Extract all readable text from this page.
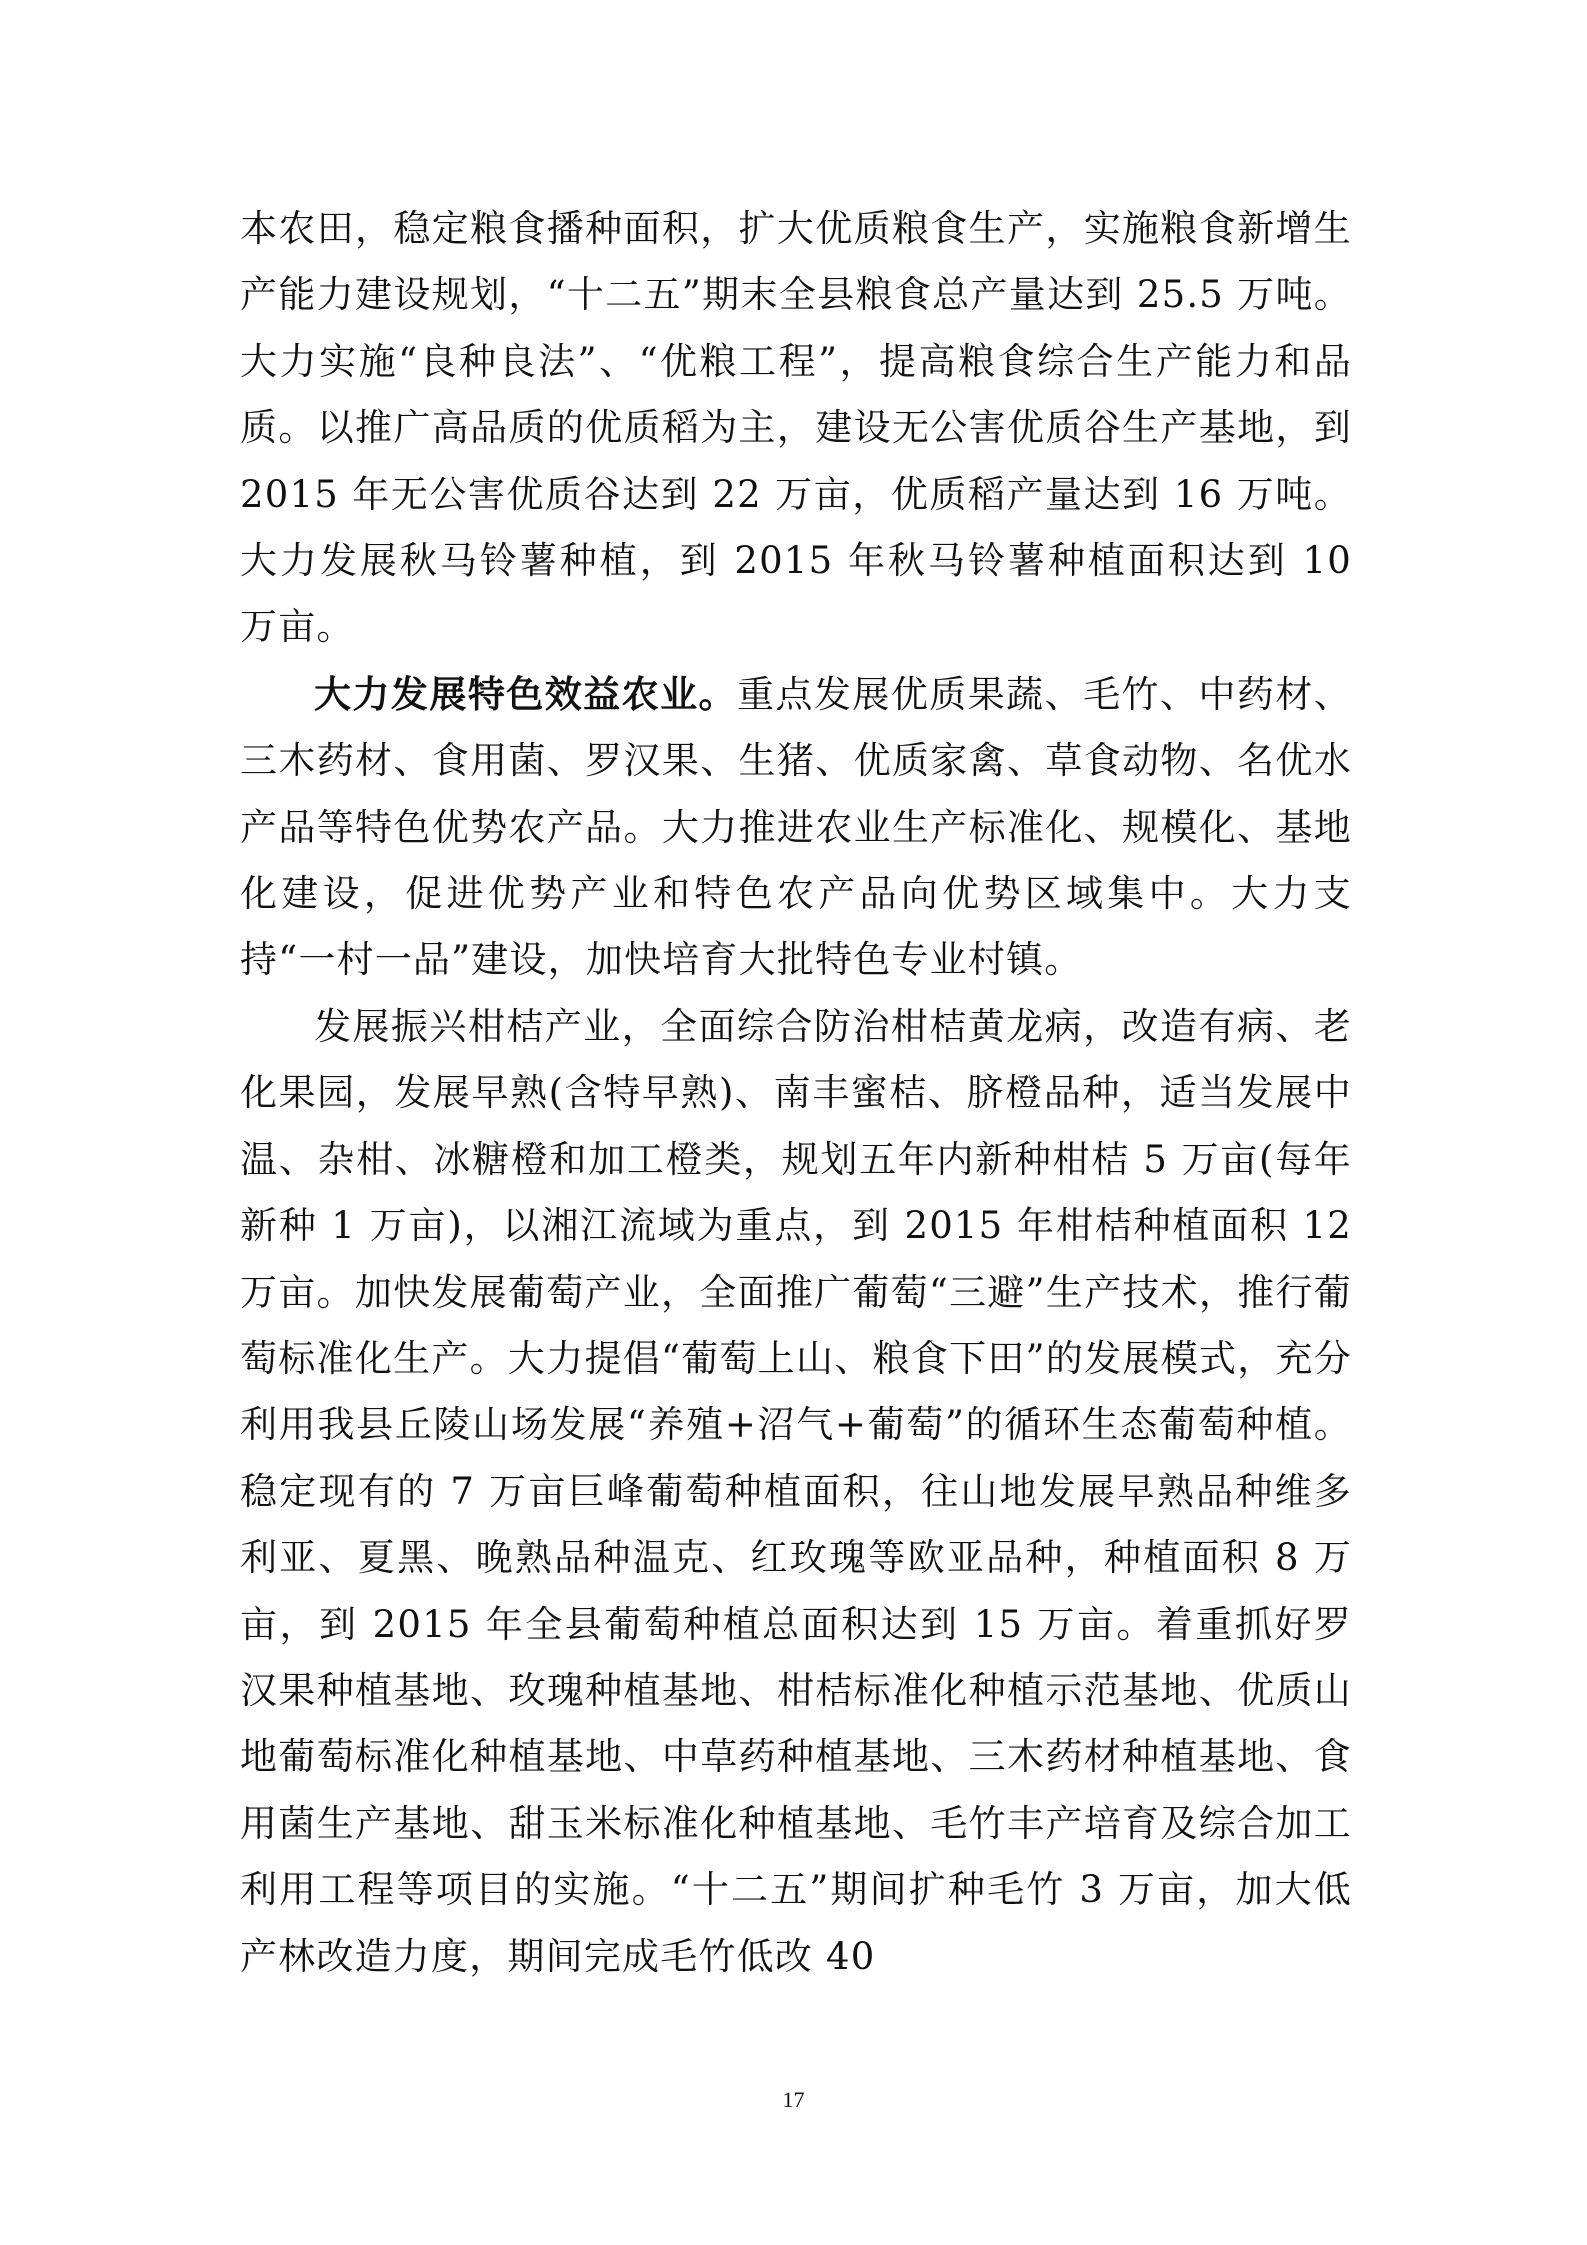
本农田，稳定粮食播种面积，扩大优质粮食生产，实施粮食新增生产能力建设规划，“十二五”期末全县粮食总产量达到 25.5 万吨。大力实施“良种良法”、“优粮工程”，提高粮食综合生产能力和品质。以推广高品质的优质稻为主，建设无公害优质谷生产基地，到 2015 年无公害优质谷达到 22 万亩，优质稻产量达到 16 万吨。大力发展秋马铃薯种植，到 2015 年秋马铃薯种植面积达到 10 万亩。

大力发展特色效益农业。重点发展优质果蔬、毛竹、中药材、三木药材、食用菌、罗汉果、生猪、优质家禽、草食动物、名优水产品等特色优势农产品。大力推进农业生产标准化、规模化、基地化建设，促进优势产业和特色农产品向优势区域集中。大力支持“一村一品”建设，加快培育大批特色专业村镇。

发展振兴柑桔产业，全面综合防治柑桔黄龙病，改造有病、老化果园，发展早熟(含特早熟)、南丰蜜桔、脐橙品种，适当发展中温、杂柑、冰糖橙和加工橙类，规划五年内新种柑桔 5 万亩(每年新种 1 万亩)，以湘江流域为重点，到 2015 年柑桔种植面积 12 万亩。加快发展葡萄产业，全面推广葡萄“三避”生产技术，推行葡萄标准化生产。大力提倡“葡萄上山、粮食下田”的发展模式，充分利用我县丘陵山场发展“养殖+沼气+葡萄”的循环生态葡萄种植。稳定现有的 7 万亩巨峰葡萄种植面积，往山地发展早熟品种维多利亚、夏黑、晚熟品种温克、红玫瑰等欧亚品种，种植面积 8 万亩，到 2015 年全县葡萄种植总面积达到 15 万亩。着重抓好罗汉果种植基地、玫瑰种植基地、柑桔标准化种植示范基地、优质山地葡萄标准化种植基地、中草药种植基地、三木药材种植基地、食用菌生产基地、甜玉米标准化种植基地、毛竹丰产培育及综合加工利用工程等项目的实施。“十二五”期间扩种毛竹 3 万亩，加大低产林改造力度，期间完成毛竹低改 40

17
